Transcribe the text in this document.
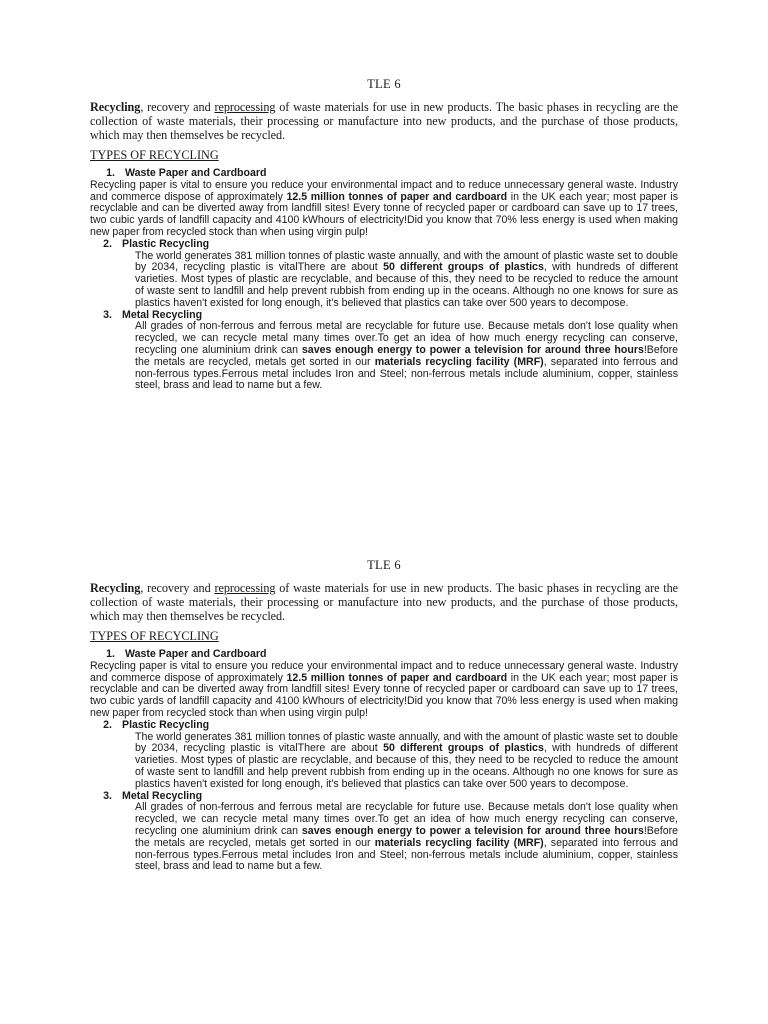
TLE 6

Recycling, recovery and reprocessing of waste materials for use in new products. The basic phases in recycling are the collection of waste materials, their processing or manufacture into new products, and the purchase of those products, which may then themselves be recycled.

TYPES OF RECYCLING
1. Waste Paper and Cardboard

Recycling paper is vital to ensure you reduce your environmental impact and to reduce unnecessary general waste. Industry and commerce dispose of approximately 12.5 million tonnes of paper and cardboard in the UK each year; most paper is recyclable and can be diverted away from landfill sites! Every tonne of recycled paper or cardboard can save up to 17 trees, two cubic yards of landfill capacity and 4100 kWhours of electricity!Did you know that 70% less energy is used when making new paper from recycled stock than when using virgin pulp!

2. Plastic Recycling

The world generates 381 million tonnes of plastic waste annually, and with the amount of plastic waste set to double by 2034, recycling plastic is vitalThere are about 50 different groups of plastics, with hundreds of different varieties. Most types of plastic are recyclable, and because of this, they need to be recycled to reduce the amount of waste sent to landfill and help prevent rubbish from ending up in the oceans. Although no one knows for sure as plastics haven't existed for long enough, it's believed that plastics can take over 500 years to decompose.

3. Metal Recycling

All grades of non-ferrous and ferrous metal are recyclable for future use. Because metals don't lose quality when recycled, we can recycle metal many times over.To get an idea of how much energy recycling can conserve, recycling one aluminium drink can saves enough energy to power a television for around three hours!Before the metals are recycled, metals get sorted in our materials recycling facility (MRF), separated into ferrous and non-ferrous types.Ferrous metal includes Iron and Steel; non-ferrous metals include aluminium, copper, stainless steel, brass and lead to name but a few.

TLE 6

Recycling, recovery and reprocessing of waste materials for use in new products. The basic phases in recycling are the collection of waste materials, their processing or manufacture into new products, and the purchase of those products, which may then themselves be recycled.

TYPES OF RECYCLING
1. Waste Paper and Cardboard

Recycling paper is vital to ensure you reduce your environmental impact and to reduce unnecessary general waste. Industry and commerce dispose of approximately 12.5 million tonnes of paper and cardboard in the UK each year; most paper is recyclable and can be diverted away from landfill sites! Every tonne of recycled paper or cardboard can save up to 17 trees, two cubic yards of landfill capacity and 4100 kWhours of electricity!Did you know that 70% less energy is used when making new paper from recycled stock than when using virgin pulp!

2. Plastic Recycling

The world generates 381 million tonnes of plastic waste annually, and with the amount of plastic waste set to double by 2034, recycling plastic is vitalThere are about 50 different groups of plastics, with hundreds of different varieties. Most types of plastic are recyclable, and because of this, they need to be recycled to reduce the amount of waste sent to landfill and help prevent rubbish from ending up in the oceans. Although no one knows for sure as plastics haven't existed for long enough, it's believed that plastics can take over 500 years to decompose.

3. Metal Recycling

All grades of non-ferrous and ferrous metal are recyclable for future use. Because metals don't lose quality when recycled, we can recycle metal many times over.To get an idea of how much energy recycling can conserve, recycling one aluminium drink can saves enough energy to power a television for around three hours!Before the metals are recycled, metals get sorted in our materials recycling facility (MRF), separated into ferrous and non-ferrous types.Ferrous metal includes Iron and Steel; non-ferrous metals include aluminium, copper, stainless steel, brass and lead to name but a few.
